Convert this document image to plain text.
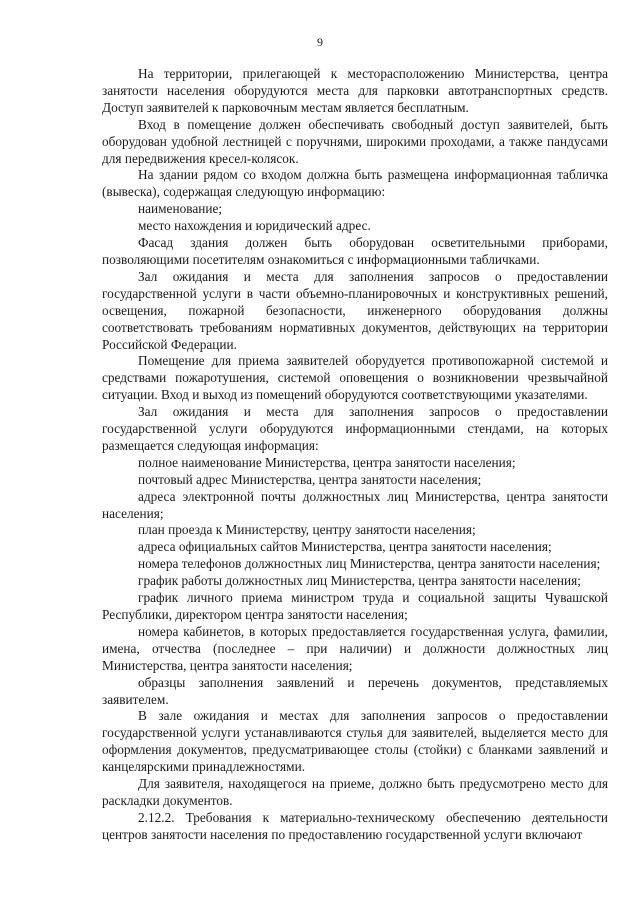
9

На территории, прилегающей к месторасположению Министерства, центра занятости населения оборудуются места для парковки автотранспортных средств. Доступ заявителей к парковочным местам является бесплатным.

Вход в помещение должен обеспечивать свободный доступ заявителей, быть оборудован удобной лестницей с поручнями, широкими проходами, а также пандусами для передвижения кресел-колясок.

На здании рядом со входом должна быть размещена информационная табличка (вывеска), содержащая следующую информацию:

наименование;

место нахождения и юридический адрес.

Фасад здания должен быть оборудован осветительными приборами, позволяющими посетителям ознакомиться с информационными табличками.

Зал ожидания и места для заполнения запросов о предоставлении государственной услуги в части объемно-планировочных и конструктивных решений, освещения, пожарной безопасности, инженерного оборудования должны соответствовать требованиям нормативных документов, действующих на территории Российской Федерации.

Помещение для приема заявителей оборудуется противопожарной системой и средствами пожаротушения, системой оповещения о возникновении чрезвычайной ситуации. Вход и выход из помещений оборудуются соответствующими указателями.

Зал ожидания и места для заполнения запросов о предоставлении государственной услуги оборудуются информационными стендами, на которых размещается следующая информация:

полное наименование Министерства, центра занятости населения;

почтовый адрес Министерства, центра занятости населения;

адреса электронной почты должностных лиц Министерства, центра занятости населения;

план проезда к Министерству, центру занятости населения;

адреса официальных сайтов Министерства, центра занятости населения;

номера телефонов должностных лиц Министерства, центра занятости населения;

график работы должностных лиц Министерства, центра занятости населения;

график личного приема министром труда и социальной защиты Чувашской Республики, директором центра занятости населения;

номера кабинетов, в которых предоставляется государственная услуга, фамилии, имена, отчества (последнее – при наличии) и должности должностных лиц Министерства, центра занятости населения;

образцы заполнения заявлений и перечень документов, представляемых заявителем.

В зале ожидания и местах для заполнения запросов о предоставлении государственной услуги устанавливаются стулья для заявителей, выделяется место для оформления документов, предусматривающее столы (стойки) с бланками заявлений и канцелярскими принадлежностями.

Для заявителя, находящегося на приеме, должно быть предусмотрено место для раскладки документов.

2.12.2. Требования к материально-техническому обеспечению деятельности центров занятости населения по предоставлению государственной услуги включают
